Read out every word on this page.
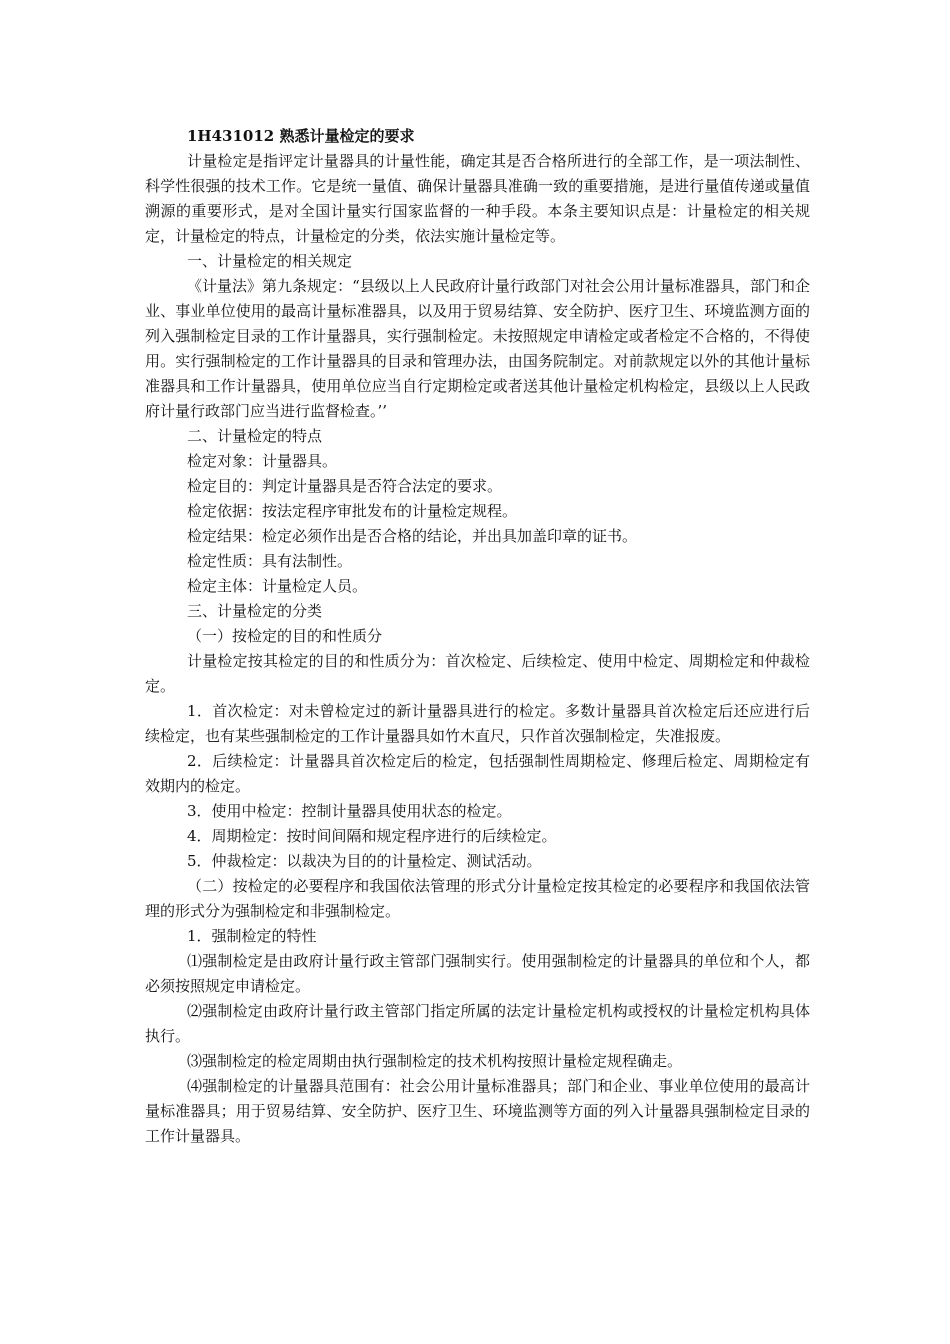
1H431012 熟悉计量检定的要求

计量检定是指评定计量器具的计量性能，确定其是否合格所进行的全部工作，是一项法制性、科学性很强的技术工作。它是统一量值、确保计量器具准确一致的重要措施，是进行量值传递或量值溯源的重要形式，是对全国计量实行国家监督的一种手段。本条主要知识点是：计量检定的相关规定，计量检定的特点，计量检定的分类，依法实施计量检定等。

一、计量检定的相关规定

《计量法》第九条规定：“县级以上人民政府计量行政部门对社会公用计量标准器具，部门和企业、事业单位使用的最高计量标准器具，以及用于贸易结算、安全防护、医疗卫生、环境监测方面的列入强制检定目录的工作计量器具，实行强制检定。未按照规定申请检定或者检定不合格的，不得使用。实行强制检定的工作计量器具的目录和管理办法，由国务院制定。对前款规定以外的其他计量标准器具和工作计量器具，使用单位应当自行定期检定或者送其他计量检定机构检定，县级以上人民政府计量行政部门应当进行监督检查。’’

二、计量检定的特点

检定对象：计量器具。

检定目的：判定计量器具是否符合法定的要求。

检定依据：按法定程序审批发布的计量检定规程。

检定结果：检定必须作出是否合格的结论，并出具加盖印章的证书。

检定性质：具有法制性。

检定主体：计量检定人员。

三、计量检定的分类

（一）按检定的目的和性质分

计量检定按其检定的目的和性质分为：首次检定、后续检定、使用中检定、周期检定和仲裁检定。

1．首次检定：对未曾检定过的新计量器具进行的检定。多数计量器具首次检定后还应进行后续检定，也有某些强制检定的工作计量器具如竹木直尺，只作首次强制检定，失准报废。

2．后续检定：计量器具首次检定后的检定，包括强制性周期检定、修理后检定、周期检定有效期内的检定。

3．使用中检定：控制计量器具使用状态的检定。

4．周期检定：按时间间隔和规定程序进行的后续检定。

5．仲裁检定：以裁决为目的的计量检定、测试活动。

（二）按检定的必要程序和我国依法管理的形式分计量检定按其检定的必要程序和我国依法管理的形式分为强制检定和非强制检定。

1．强制检定的特性

⑴强制检定是由政府计量行政主管部门强制实行。使用强制检定的计量器具的单位和个人，都必须按照规定申请检定。

⑵强制检定由政府计量行政主管部门指定所属的法定计量检定机构或授权的计量检定机构具体执行。

⑶强制检定的检定周期由执行强制检定的技术机构按照计量检定规程确走。

⑷强制检定的计量器具范围有：社会公用计量标准器具；部门和企业、事业单位使用的最高计量标准器具；用于贸易结算、安全防护、医疗卫生、环境监测等方面的列入计量器具强制检定目录的工作计量器具。
